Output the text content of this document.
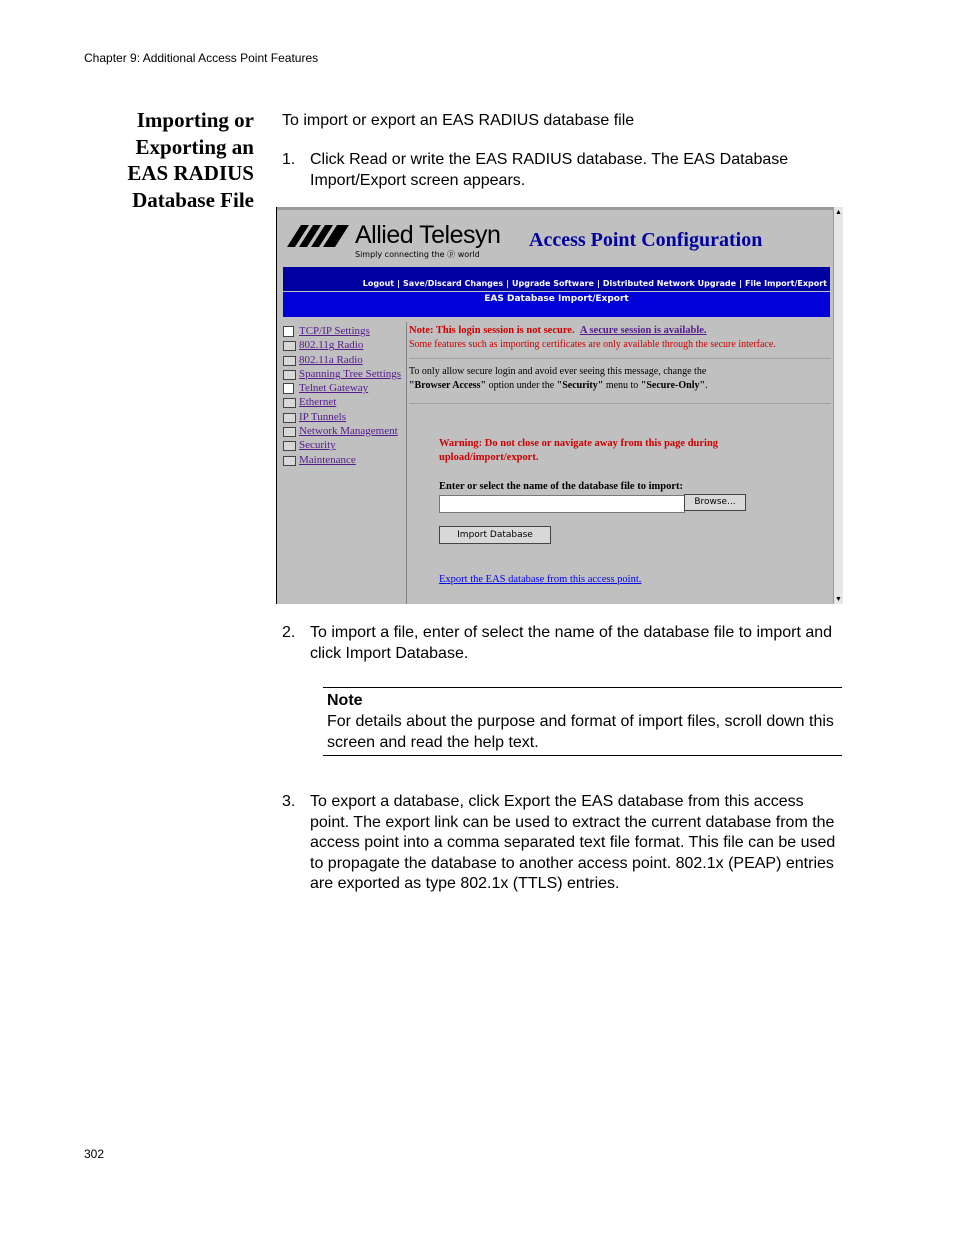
Chapter 9: Additional Access Point Features
Importing or
Exporting an
EAS RADIUS
Database File
To import or export an EAS RADIUS database file
1. Click Read or write the EAS RADIUS database. The EAS Database Import/Export screen appears.
Allied Telesyn
Simply connecting the ⓟ world
Access Point Configuration
Logout | Save/Discard Changes | Upgrade Software | Distributed Network Upgrade | File Import/Export
EAS Database Import/Export
TCP/IP Settings
802.11g Radio
802.11a Radio
Spanning Tree Settings
Telnet Gateway
Ethernet
IP Tunnels
Network Management
Security
Maintenance
Note: This login session is not secure. A secure session is available.
Some features such as importing certificates are only available through the secure interface.
To only allow secure login and avoid ever seeing this message, change the
"Browser Access" option under the "Security" menu to "Secure-Only".
Warning: Do not close or navigate away from this page during upload/import/export.
Enter or select the name of the database file to import:
Browse...
Import Database
Export the EAS database from this access point.
▲
▼
2. To import a file, enter of select the name of the database file to import and click Import Database.
Note
For details about the purpose and format of import files, scroll down this screen and read the help text.
3. To export a database, click Export the EAS database from this access point. The export link can be used to extract the current database from the access point into a comma separated text file format. This file can be used to propagate the database to another access point. 802.1x (PEAP) entries are exported as type 802.1x (TTLS) entries.
302
